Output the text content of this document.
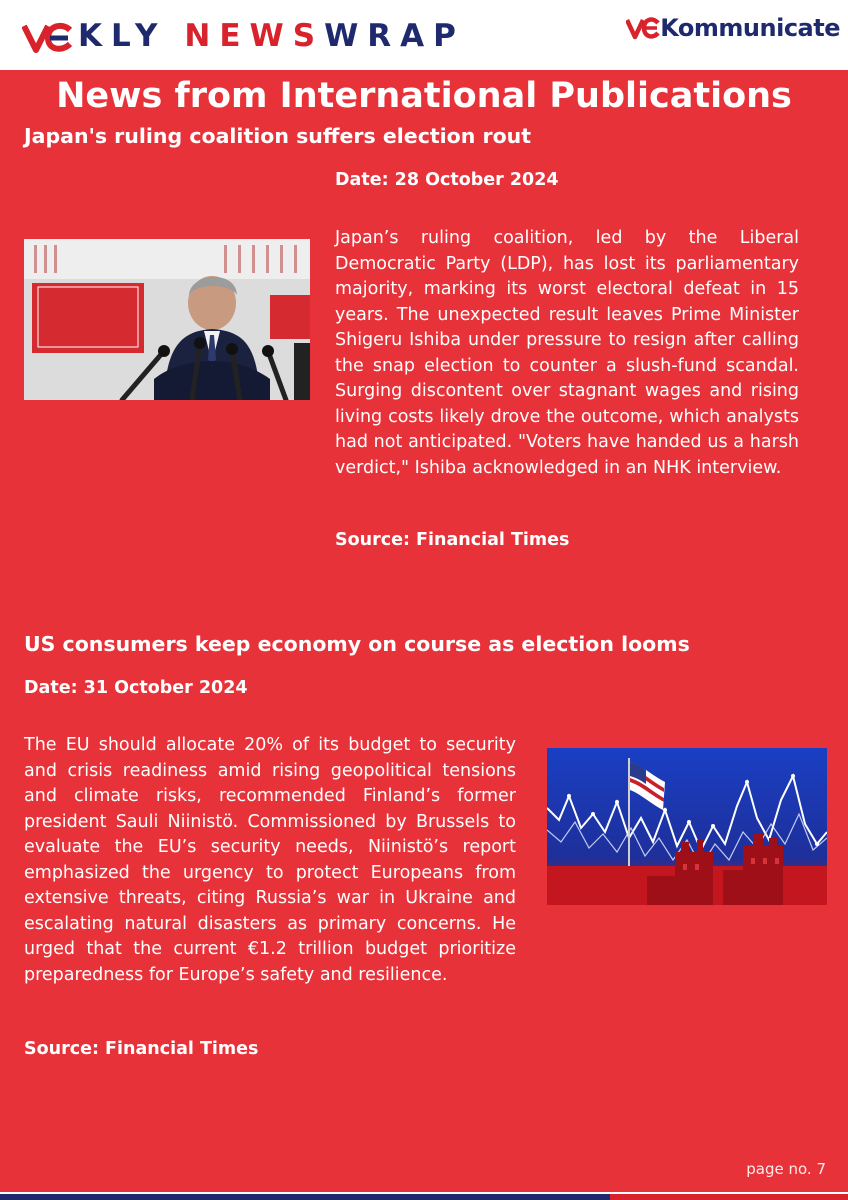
KLY NEWSWRAP	Kommunicate
News from International Publications
Japan's ruling coalition suffers election rout
Date: 28 October 2024

Japan’s ruling coalition, led by the Liberal Democratic Party (LDP), has lost its parliamentary majority, marking its worst electoral defeat in 15 years. The unexpected result leaves Prime Minister Shigeru Ishiba under pressure to resign after calling the snap election to counter a slush-fund scandal. Surging discontent over stagnant wages and rising living costs likely drove the outcome, which analysts had not anticipated. "Voters have handed us a harsh verdict," Ishiba acknowledged in an NHK interview.

Source: Financial Times
US consumers keep economy on course as election looms
Date: 31 October 2024

The EU should allocate 20% of its budget to security and crisis readiness amid rising geopolitical tensions and climate risks, recommended Finland’s former president Sauli Niinistö. Commissioned by Brussels to evaluate the EU’s security needs, Niinistö’s report emphasized the urgency to protect Europeans from extensive threats, citing Russia’s war in Ukraine and escalating natural disasters as primary concerns. He urged that the current €1.2 trillion budget prioritize preparedness for Europe’s safety and resilience.

Source: Financial Times
page no. 7
